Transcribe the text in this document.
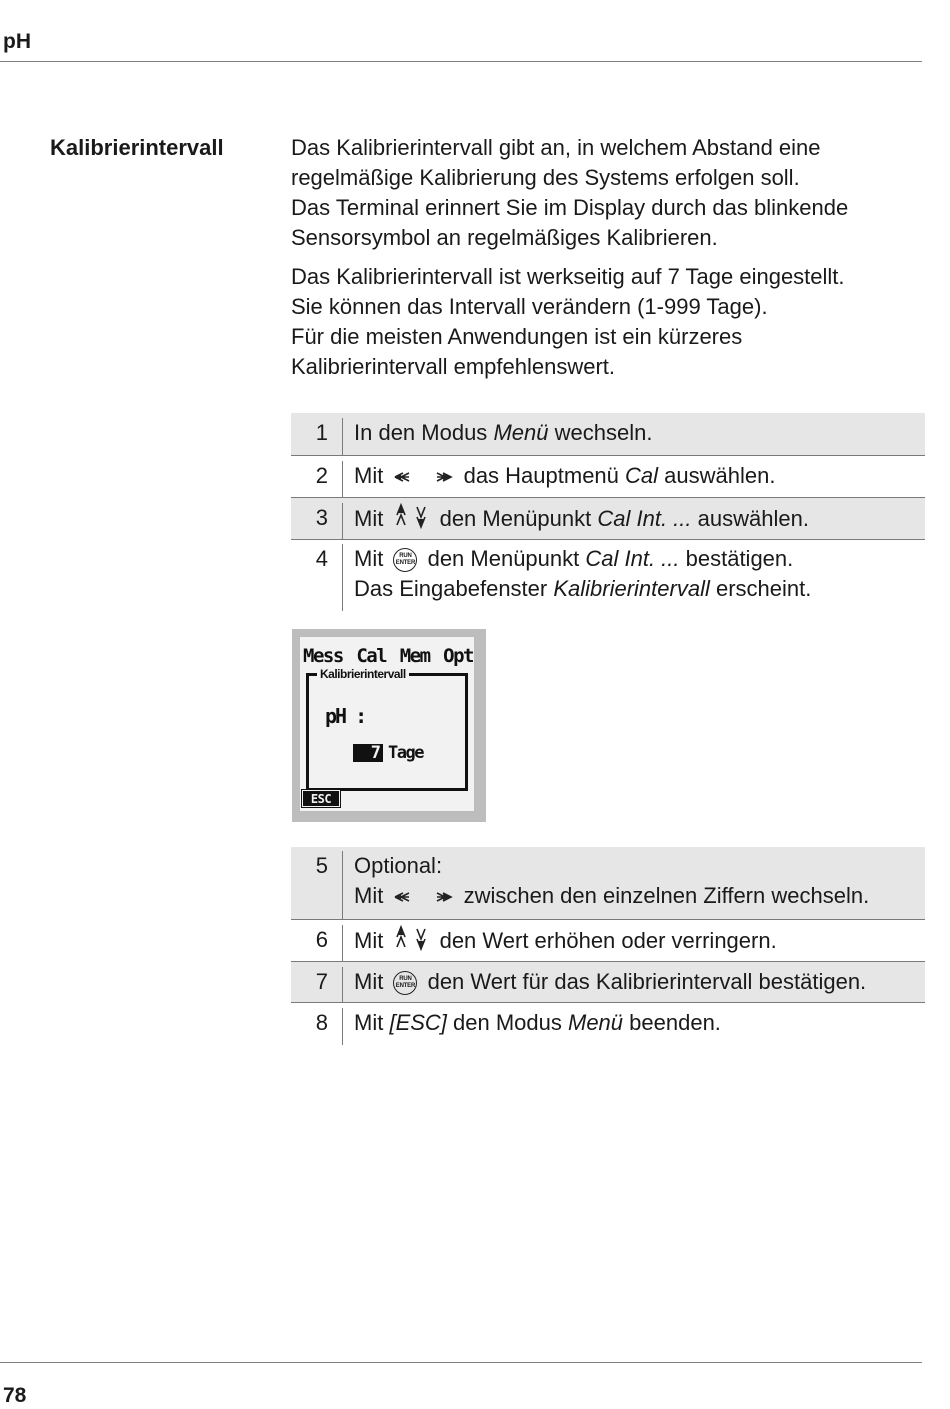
pH
Kalibrierintervall	Das Kalibrierintervall gibt an, in welchem Abstand eine
regelmäßige Kalibrierung des Systems erfolgen soll.
Das Terminal erinnert Sie im Display durch das blinkende
Sensorsymbol an regelmäßiges Kalibrieren.
Das Kalibrierintervall ist werkseitig auf 7 Tage eingestellt.
Sie können das Intervall verändern (1-999 Tage).
Für die meisten Anwendungen ist ein kürzeres
Kalibrierintervall empfehlenswert.
1	In den Modus Menü wechseln.
2	Mit	das Hauptmenü Cal auswählen.
3	Mit	den Menüpunkt Cal Int. ... auswählen.
4	Mit	RUN
ENTER den Menüpunkt Cal Int. ... bestätigen.
Das Eingabefenster Kalibrierintervall erscheint.
Mess Cal Mem Opt
Kalibrierintervall
pH :
7 Tage
ESC
5	Optional:
Mit	zwischen den einzelnen Ziffern wechseln.
6	Mit	den Wert erhöhen oder verringern.
7	Mit	RUN
ENTER den Wert für das Kalibrierintervall bestätigen.
8	Mit [ESC] den Modus Menü beenden.
78
